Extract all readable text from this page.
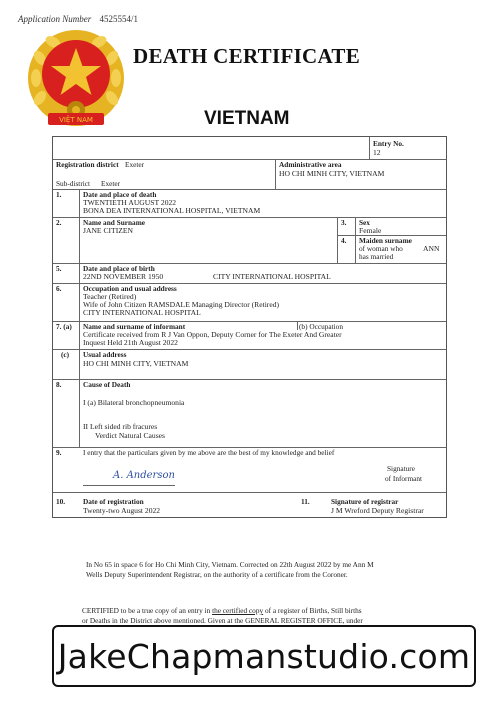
Application Number 4525554/1
VIỆT NAM
DEATH CERTIFICATE
VIETNAM
Entry No.
12
Registration district Exeter	Administrative area
HO CHI MINH CITY, VIETNAM
Sub-district Exeter
1.	Date and place of death
TWENTIETH AUGUST 2022
BONA DEA INTERNATIONAL HOSPITAL, VIETNAM
2.	Name and Surname
JANE CITIZEN
3. Sex
Female
4. Maiden surname
of woman who	ANN
has married
5.	Date and place of birth
22ND NOVEMBER 1950	CITY INTERNATIONAL HOSPITAL
6.	Occupation and usual address
Teacher (Retired)
Wife of John Citizen RAMSDALE Managing Director (Retired)
CITY INTERNATIONAL HOSPITAL
7. (a) Name and surname of informant	(b) Occupation
Certificate received from R J Van Oppon, Deputy Corner for The Exeter And Greater
Inquest Held 21th August 2022
(c) Usual address
HO CHI MINH CITY, VIETNAM
8.	Cause of Death
I (a) Bilateral bronchopneumonia
II Left sided rib fracures
Verdict Natural Causes
9.	I entry that the particulars given by me above are the best of my knowledge and belief
A. Anderson
Signature
of Informant
10. Date of registration
Twenty-two August 2022
11.	Signature of registrar
J M Wreford Deputy Registrar
In No 65 in space 6 for Ho Chi Minh City, Vietnam. Corrected on 22th August 2022 by me Ann M
Wells Deputy Superintendent Registrar, on the authority of a certificate from the Coroner.
CERTIFIED to be a true copy of an entry in the certified copy of a register of Births, Still births
or Deaths in the District above mentioned. Given at the GENERAL REGISTER OFFICE, under
JakeChapmanstudio.com
